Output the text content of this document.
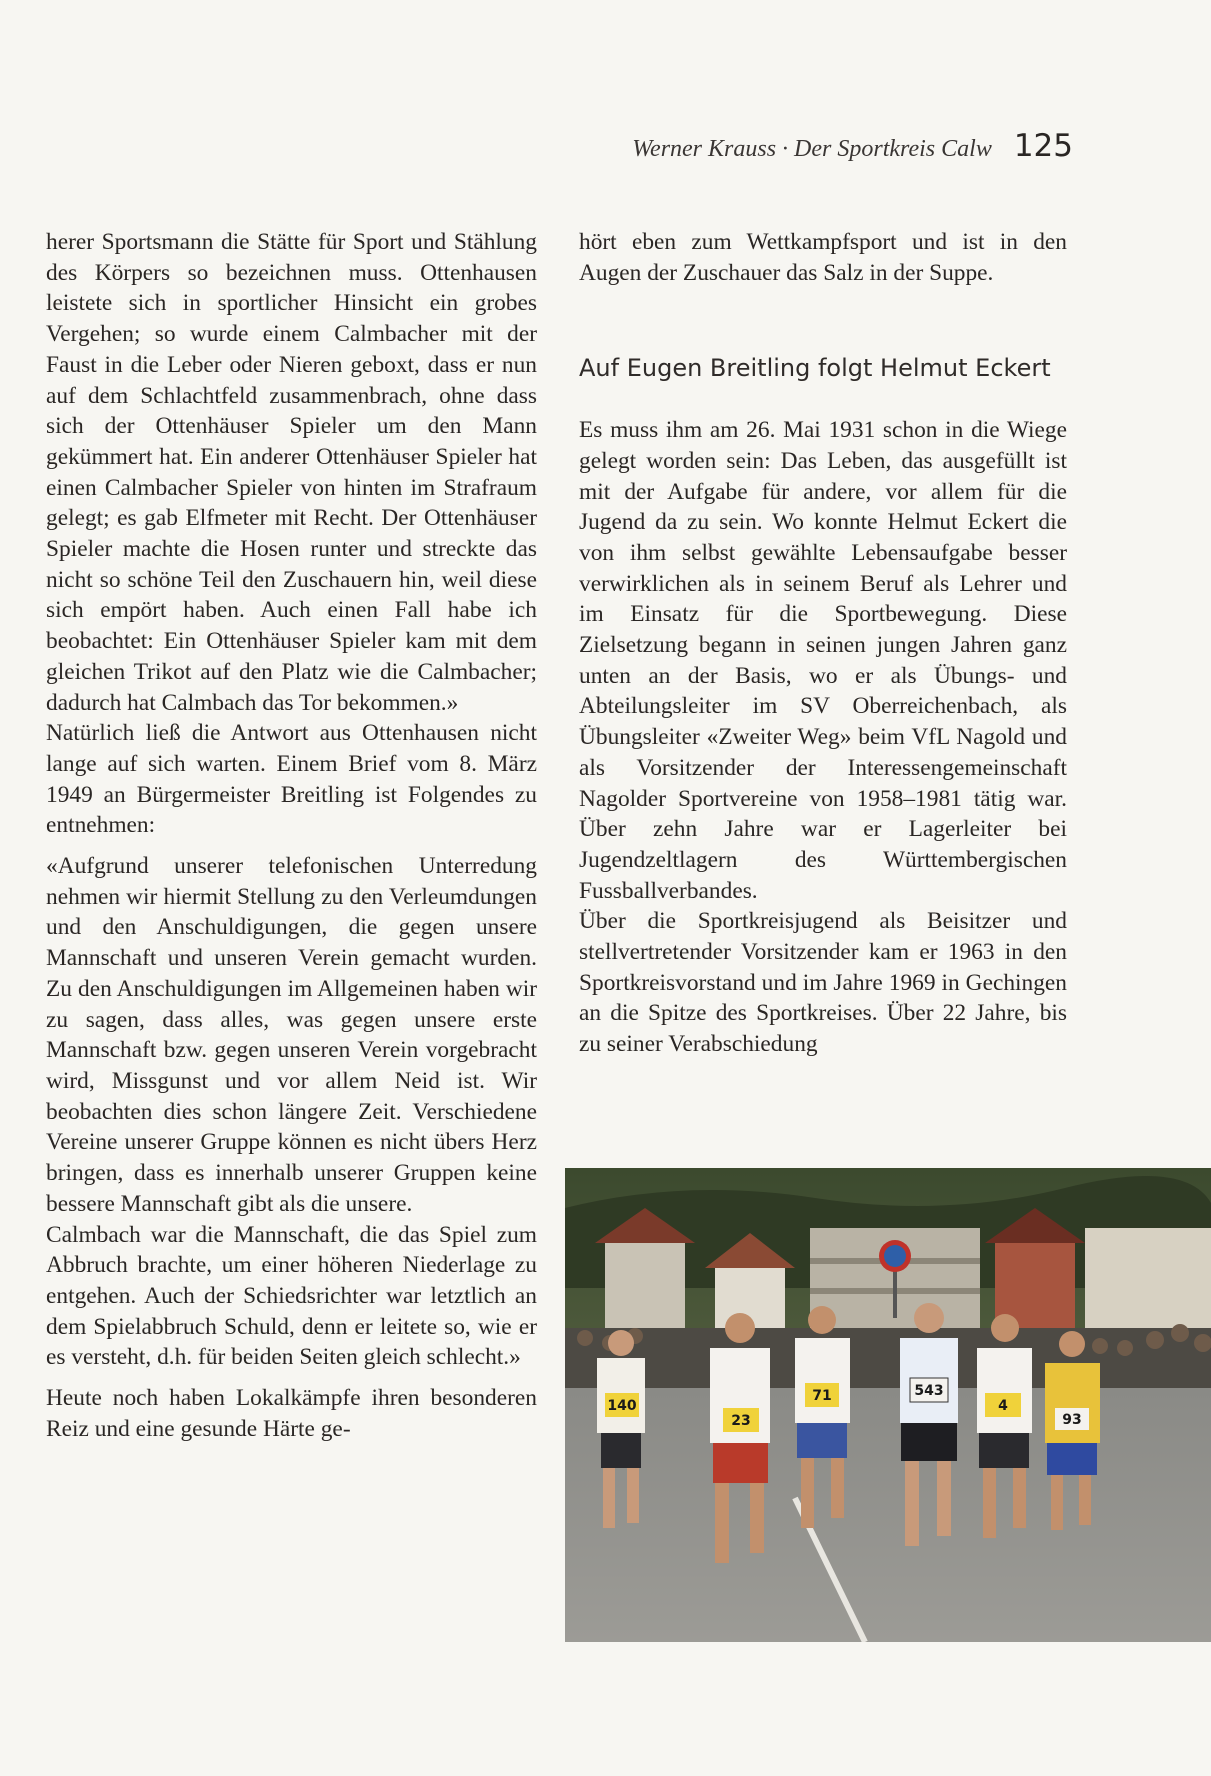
Werner Krauss · Der Sportkreis Calw 125

herer Sportsmann die Stätte für Sport und Stählung des Körpers so bezeichnen muss. Ottenhausen leistete sich in sportlicher Hinsicht ein grobes Vergehen; so wurde einem Calmbacher mit der Faust in die Leber oder Nieren geboxt, dass er nun auf dem Schlachtfeld zusammenbrach, ohne dass sich der Ottenhäuser Spieler um den Mann gekümmert hat. Ein anderer Ottenhäuser Spieler hat einen Calmbacher Spieler von hinten im Strafraum gelegt; es gab Elfmeter mit Recht. Der Ottenhäuser Spieler machte die Hosen runter und streckte das nicht so schöne Teil den Zuschauern hin, weil diese sich empört haben. Auch einen Fall habe ich beobachtet: Ein Ottenhäuser Spieler kam mit dem gleichen Trikot auf den Platz wie die Calmbacher; dadurch hat Calmbach das Tor bekommen.»

Natürlich ließ die Antwort aus Ottenhausen nicht lange auf sich warten. Einem Brief vom 8. März 1949 an Bürgermeister Breitling ist Folgendes zu entnehmen:

«Aufgrund unserer telefonischen Unterredung nehmen wir hiermit Stellung zu den Verleumdungen und den Anschuldigungen, die gegen unsere Mannschaft und unseren Verein gemacht wurden. Zu den Anschuldigungen im Allgemeinen haben wir zu sagen, dass alles, was gegen unsere erste Mannschaft bzw. gegen unseren Verein vorgebracht wird, Missgunst und vor allem Neid ist. Wir beobachten dies schon längere Zeit. Verschiedene Vereine unserer Gruppe können es nicht übers Herz bringen, dass es innerhalb unserer Gruppen keine bessere Mannschaft gibt als die unsere.

Calmbach war die Mannschaft, die das Spiel zum Abbruch brachte, um einer höheren Niederlage zu entgehen. Auch der Schiedsrichter war letztlich an dem Spielabbruch Schuld, denn er leitete so, wie er es versteht, d.h. für beiden Seiten gleich schlecht.»

Heute noch haben Lokalkämpfe ihren besonderen Reiz und eine gesunde Härte ge-

hört eben zum Wettkampfsport und ist in den Augen der Zuschauer das Salz in der Suppe.

Auf Eugen Breitling folgt Helmut Eckert

Es muss ihm am 26. Mai 1931 schon in die Wiege gelegt worden sein: Das Leben, das ausgefüllt ist mit der Aufgabe für andere, vor allem für die Jugend da zu sein. Wo konnte Helmut Eckert die von ihm selbst gewählte Lebensaufgabe besser verwirklichen als in seinem Beruf als Lehrer und im Einsatz für die Sportbewegung. Diese Zielsetzung begann in seinen jungen Jahren ganz unten an der Basis, wo er als Übungs- und Abteilungsleiter im SV Oberreichenbach, als Übungsleiter «Zweiter Weg» beim VfL Nagold und als Vorsitzender der Interessengemeinschaft Nagolder Sportvereine von 1958–1981 tätig war. Über zehn Jahre war er Lagerleiter bei Jugendzeltlagern des Württembergischen Fussballverbandes.

Über die Sportkreisjugend als Beisitzer und stellvertretender Vorsitzender kam er 1963 in den Sportkreisvorstand und im Jahre 1969 in Gechingen an die Spitze des Sportkreises. Über 22 Jahre, bis zu seiner Verabschiedung

140
23
71	543
4
93
